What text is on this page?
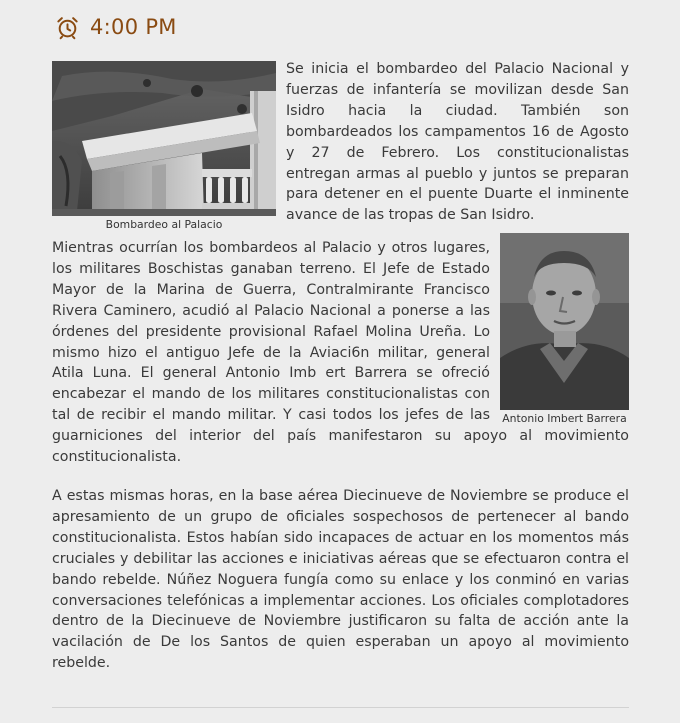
4:00 PM
Bombardeo al Palacio

Se inicia el bombardeo del Palacio Nacional y fuerzas de infantería se movilizan desde San Isidro hacia la ciudad. También son bombardeados los campamentos 16 de Agosto y 27 de Febrero. Los constitucionalistas entregan armas al pueblo y juntos se preparan para detener en el puente Duarte el inminente avance de las tropas de San Isidro.

Antonio Imbert Barrera

Mientras ocurrían los bombardeos al Palacio y otros lugares, los militares Boschistas ganaban terreno. El Jefe de Estado Mayor de la Marina de Guerra, Contralmirante Francisco Rivera Caminero, acudió al Palacio Nacional a ponerse a las órdenes del presidente provisional Rafael Molina Ureña. Lo mismo hizo el antiguo Jefe de la Aviaci6n militar, general Atila Luna. El general Antonio Imb ert Barrera se ofreció encabezar el mando de los militares constitucionalistas con tal de recibir el mando militar. Y casi todos los jefes de las guarniciones del interior del país manifestaron su apoyo al movimiento constitucionalista.

A estas mismas horas, en la base aérea Diecinueve de Noviembre se produce el apresamiento de un grupo de oficiales sospechosos de pertenecer al bando constitucionalista. Estos habían sido incapaces de actuar en los momentos más cruciales y debilitar las acciones e iniciativas aéreas que se efectuaron contra el bando rebelde. Núñez Noguera fungía como su enlace y los conminó en varias conversaciones telefónicas a implementar acciones. Los oficiales complotadores dentro de la Diecinueve de Noviembre justificaron su falta de acción ante la vacilación de De los Santos de quien esperaban un apoyo al movimiento rebelde.
